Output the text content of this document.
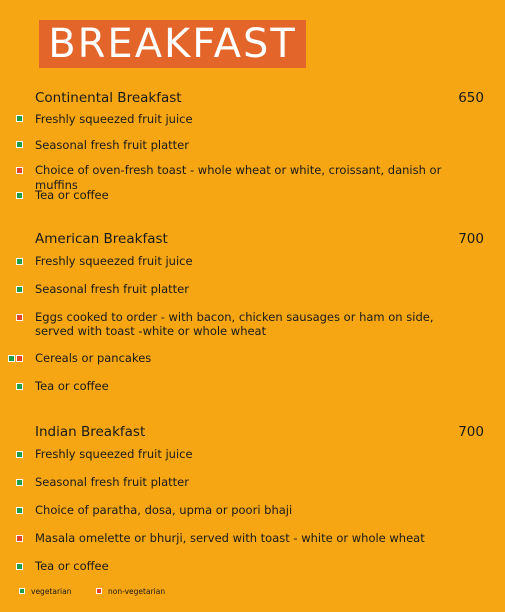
BREAKFAST
Continental Breakfast	650
Freshly squeezed fruit juice
Seasonal fresh fruit platter
Choice of oven-fresh toast - whole wheat or white, croissant, danish or muffins
Tea or coffee
American Breakfast	700
Freshly squeezed fruit juice
Seasonal fresh fruit platter
Eggs cooked to order - with bacon, chicken sausages or ham on side,
served with toast -white or whole wheat
Cereals or pancakes
Tea or coffee
Indian Breakfast	700
Freshly squeezed fruit juice
Seasonal fresh fruit platter
Choice of paratha, dosa, upma or poori bhaji
Masala omelette or bhurji, served with toast - white or whole wheat
Tea or coffee
vegetarian	non-vegetarian
